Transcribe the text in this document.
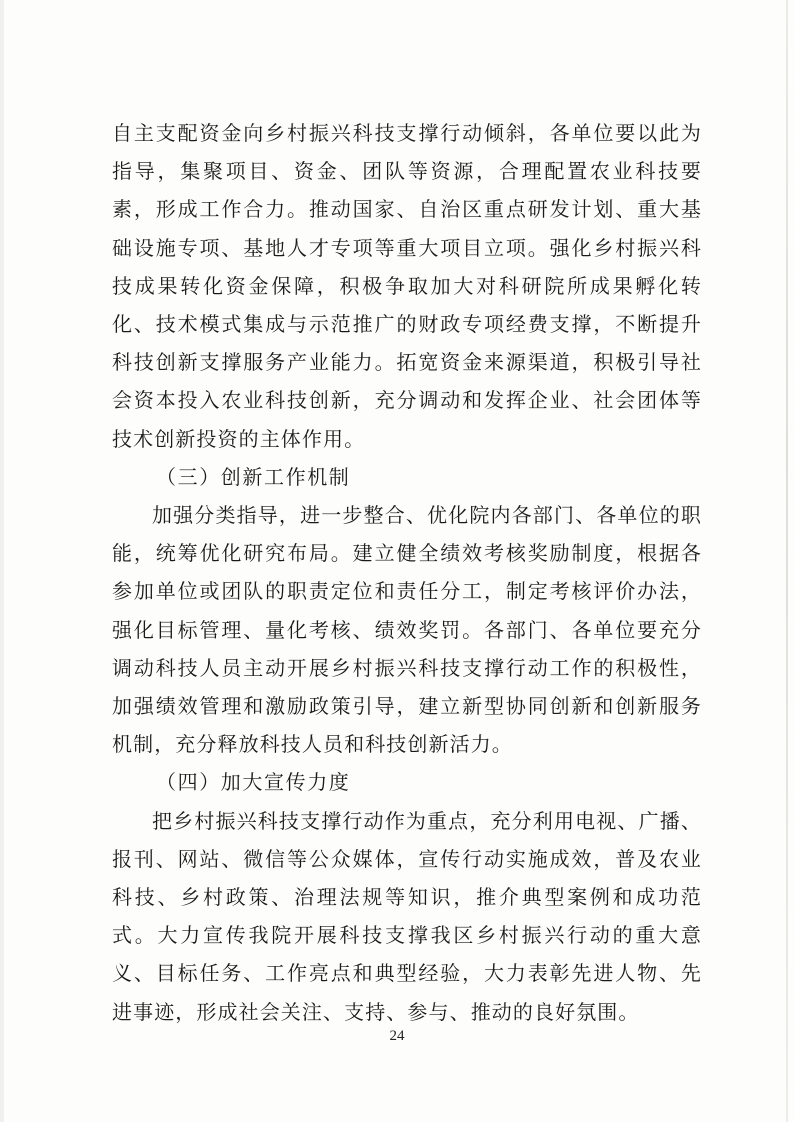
自主支配资金向乡村振兴科技支撑行动倾斜，各单位要以此为指导，集聚项目、资金、团队等资源，合理配置农业科技要素，形成工作合力。推动国家、自治区重点研发计划、重大基础设施专项、基地人才专项等重大项目立项。强化乡村振兴科技成果转化资金保障，积极争取加大对科研院所成果孵化转化、技术模式集成与示范推广的财政专项经费支撑，不断提升科技创新支撑服务产业能力。拓宽资金来源渠道，积极引导社会资本投入农业科技创新，充分调动和发挥企业、社会团体等技术创新投资的主体作用。

（三）创新工作机制

加强分类指导，进一步整合、优化院内各部门、各单位的职能，统筹优化研究布局。建立健全绩效考核奖励制度，根据各参加单位或团队的职责定位和责任分工，制定考核评价办法，强化目标管理、量化考核、绩效奖罚。各部门、各单位要充分调动科技人员主动开展乡村振兴科技支撑行动工作的积极性，加强绩效管理和激励政策引导，建立新型协同创新和创新服务机制，充分释放科技人员和科技创新活力。

（四）加大宣传力度

把乡村振兴科技支撑行动作为重点，充分利用电视、广播、报刊、网站、微信等公众媒体，宣传行动实施成效，普及农业科技、乡村政策、治理法规等知识，推介典型案例和成功范式。大力宣传我院开展科技支撑我区乡村振兴行动的重大意义、目标任务、工作亮点和典型经验，大力表彰先进人物、先进事迹，形成社会关注、支持、参与、推动的良好氛围。

24
